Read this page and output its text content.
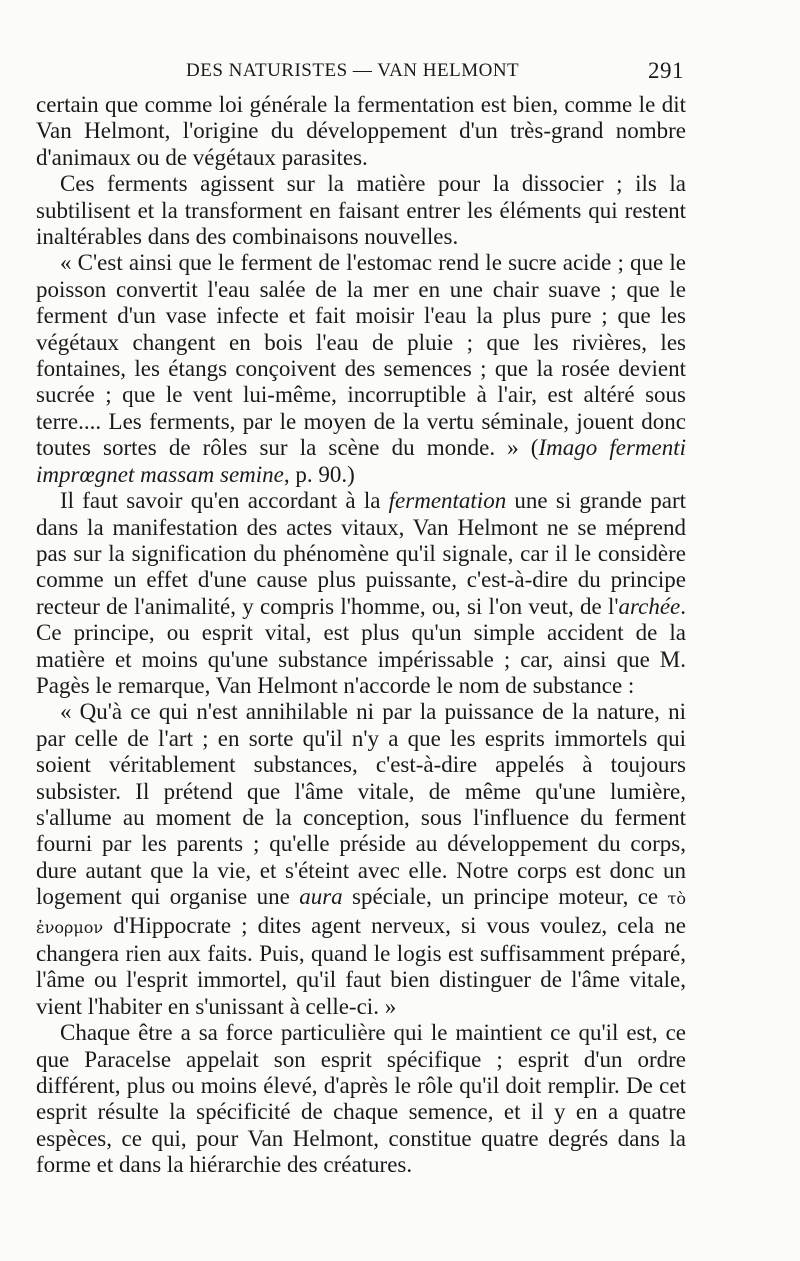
DES NATURISTES — VAN HELMONT	291

certain que comme loi générale la fermentation est bien, comme le dit Van Helmont, l'origine du développement d'un très-grand nombre d'animaux ou de végétaux parasites.

Ces ferments agissent sur la matière pour la dissocier ; ils la subtilisent et la transforment en faisant entrer les éléments qui restent inaltérables dans des combinaisons nouvelles.

« C'est ainsi que le ferment de l'estomac rend le sucre acide ; que le poisson convertit l'eau salée de la mer en une chair suave ; que le ferment d'un vase infecte et fait moisir l'eau la plus pure ; que les végétaux changent en bois l'eau de pluie ; que les rivières, les fontaines, les étangs conçoivent des semences ; que la rosée devient sucrée ; que le vent lui-même, incorruptible à l'air, est altéré sous terre.... Les ferments, par le moyen de la vertu séminale, jouent donc toutes sortes de rôles sur la scène du monde. » (Imago fermenti imprœgnet massam semine, p. 90.)

Il faut savoir qu'en accordant à la fermentation une si grande part dans la manifestation des actes vitaux, Van Helmont ne se méprend pas sur la signification du phénomène qu'il signale, car il le considère comme un effet d'une cause plus puissante, c'est-à-dire du principe recteur de l'animalité, y compris l'homme, ou, si l'on veut, de l'archée. Ce principe, ou esprit vital, est plus qu'un simple accident de la matière et moins qu'une substance impérissable ; car, ainsi que M. Pagès le remarque, Van Helmont n'accorde le nom de substance :

« Qu'à ce qui n'est annihilable ni par la puissance de la nature, ni par celle de l'art ; en sorte qu'il n'y a que les esprits immortels qui soient véritablement substances, c'est-à-dire appelés à toujours subsister. Il prétend que l'âme vitale, de même qu'une lumière, s'allume au moment de la conception, sous l'influence du ferment fourni par les parents ; qu'elle préside au développement du corps, dure autant que la vie, et s'éteint avec elle. Notre corps est donc un logement qui organise une aura spéciale, un principe moteur, ce τὸ ἐνορμον d'Hippocrate ; dites agent nerveux, si vous voulez, cela ne changera rien aux faits. Puis, quand le logis est suffisamment préparé, l'âme ou l'esprit immortel, qu'il faut bien distinguer de l'âme vitale, vient l'habiter en s'unissant à celle-ci. »

Chaque être a sa force particulière qui le maintient ce qu'il est, ce que Paracelse appelait son esprit spécifique ; esprit d'un ordre différent, plus ou moins élevé, d'après le rôle qu'il doit remplir. De cet esprit résulte la spécificité de chaque semence, et il y en a quatre espèces, ce qui, pour Van Helmont, constitue quatre degrés dans la forme et dans la hiérarchie des créatures.
